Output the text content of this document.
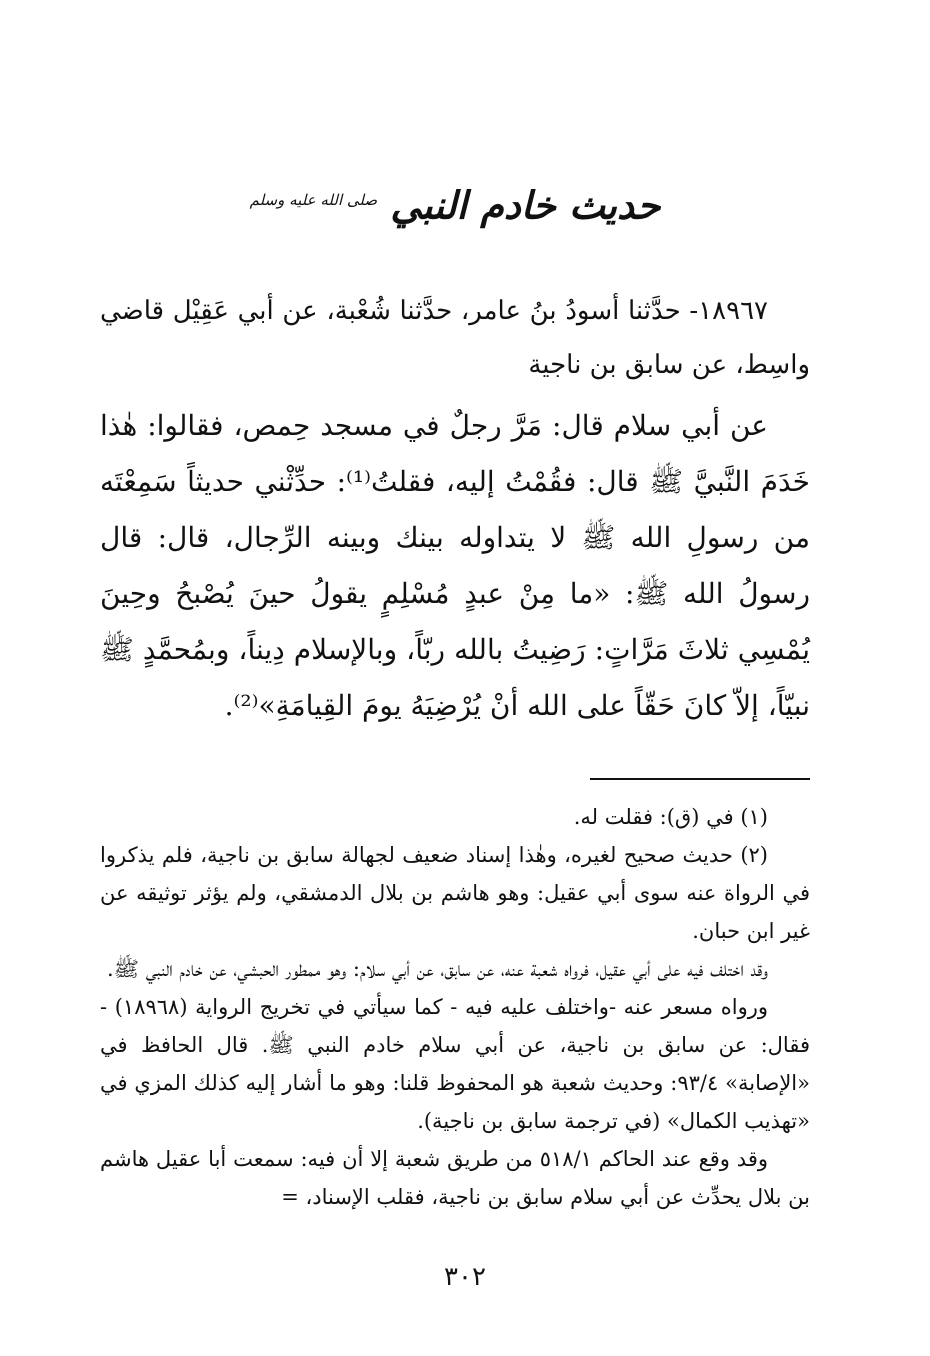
حديث خادم النبي $^{صلى الله عليه وسلم}$

١٨٩٦٧- حدَّثنا أسودُ بنُ عامر، حدَّثنا شُعْبة، عن أبي عَقِيْل قاضي واسِط، عن سابق بن ناجية

عن أبي سلام قال: مَرَّ رجلٌ في مسجد حِمص، فقالوا: هٰذا خَدَمَ النَّبيَّ ﷺ قال: فقُمْتُ إليه، فقلتُ⁽¹⁾: حدِّثْني حديثاً سَمِعْتَه من رسولِ الله ﷺ لا يتداوله بينك وبينه الرِّجال، قال: قال رسولُ الله ﷺ: «ما مِنْ عبدٍ مُسْلِمٍ يقولُ حينَ يُصْبحُ وحِينَ يُمْسِي ثلاثَ مَرَّاتٍ: رَضِيتُ بالله ربّاً، وبالإسلام دِيناً، وبمُحمَّدٍ ﷺ نبيّاً، إلاّ كانَ حَقّاً على الله أنْ يُرْضِيَهُ يومَ القِيامَةِ»⁽²⁾.

(١) في (ق): فقلت له.

(٢) حديث صحيح لغيره، وهٰذا إسناد ضعيف لجهالة سابق بن ناجية، فلم يذكروا في الرواة عنه سوى أبي عقيل: وهو هاشم بن بلال الدمشقي، ولم يؤثر توثيقه عن غير ابن حبان.

وقد اختلف فيه على أبي عقيل، فرواه شعبة عنه، عن سابق، عن أبي سلام: وهو ممطور الحبشي، عن خادم النبي ﷺ.

ورواه مسعر عنه -واختلف عليه فيه - كما سيأتي في تخريج الرواية (١٨٩٦٨) - فقال: عن سابق بن ناجية، عن أبي سلام خادم النبي ﷺ. قال الحافظ في «الإصابة» ٩٣/٤: وحديث شعبة هو المحفوظ قلنا: وهو ما أشار إليه كذلك المزي في «تهذيب الكمال» (في ترجمة سابق بن ناجية).

وقد وقع عند الحاكم ٥١٨/١ من طريق شعبة إلا أن فيه: سمعت أبا عقيل هاشم بن بلال يحدِّث عن أبي سلام سابق بن ناجية، فقلب الإسناد، =

٣٠٢
